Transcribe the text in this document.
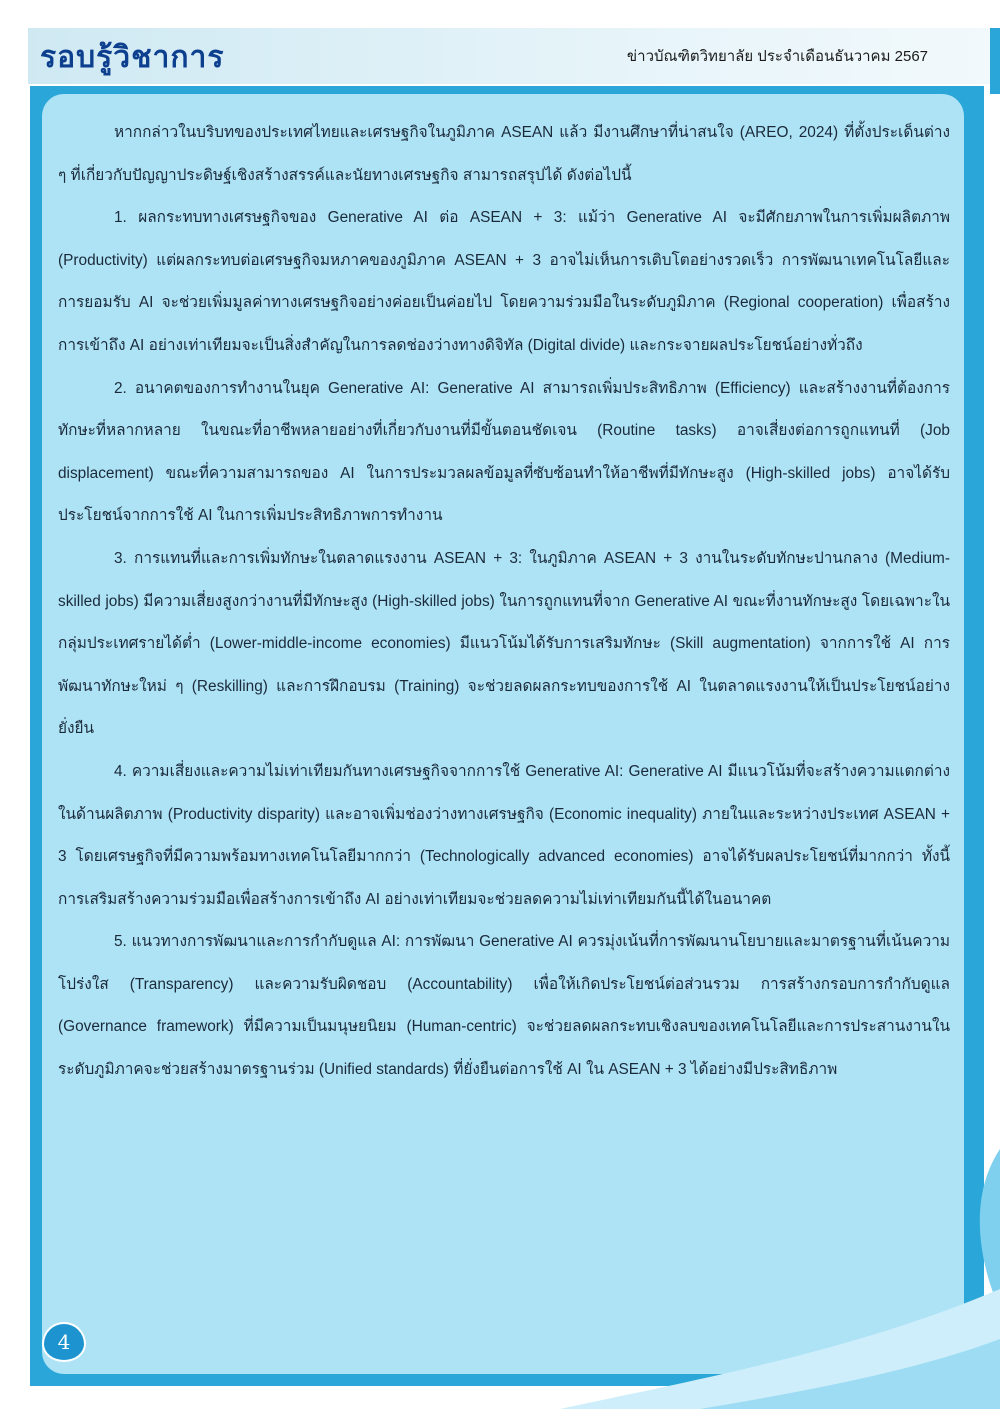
รอบรู้วิชาการ	ข่าวบัณฑิตวิทยาลัย ประจำเดือนธันวาคม 2567

หากกล่าวในบริบทของประเทศไทยและเศรษฐกิจในภูมิภาค ASEAN แล้ว มีงานศึกษาที่น่าสนใจ (AREO, 2024) ที่ตั้งประเด็นต่าง ๆ ที่เกี่ยวกับปัญญาประดิษฐ์เชิงสร้างสรรค์และนัยทางเศรษฐกิจ สามารถสรุปได้ ดังต่อไปนี้

1. ผลกระทบทางเศรษฐกิจของ Generative AI ต่อ ASEAN + 3: แม้ว่า Generative AI จะมีศักยภาพในการเพิ่มผลิตภาพ (Productivity) แต่ผลกระทบต่อเศรษฐกิจมหภาคของภูมิภาค ASEAN + 3 อาจไม่เห็นการเติบโตอย่างรวดเร็ว การพัฒนาเทคโนโลยีและการยอมรับ AI จะช่วยเพิ่มมูลค่าทางเศรษฐกิจอย่างค่อยเป็นค่อยไป โดยความร่วมมือในระดับภูมิภาค (Regional cooperation) เพื่อสร้างการเข้าถึง AI อย่างเท่าเทียมจะเป็นสิ่งสำคัญในการลดช่องว่างทางดิจิทัล (Digital divide) และกระจายผลประโยชน์อย่างทั่วถึง

2. อนาคตของการทำงานในยุค Generative AI: Generative AI สามารถเพิ่มประสิทธิภาพ (Efficiency) และสร้างงานที่ต้องการทักษะที่หลากหลาย ในขณะที่อาชีพหลายอย่างที่เกี่ยวกับงานที่มีขั้นตอนชัดเจน (Routine tasks) อาจเสี่ยงต่อการถูกแทนที่ (Job displacement) ขณะที่ความสามารถของ AI ในการประมวลผลข้อมูลที่ซับซ้อนทำให้อาชีพที่มีทักษะสูง (High-skilled jobs) อาจได้รับประโยชน์จากการใช้ AI ในการเพิ่มประสิทธิภาพการทำงาน

3. การแทนที่และการเพิ่มทักษะในตลาดแรงงาน ASEAN + 3: ในภูมิภาค ASEAN + 3 งานในระดับทักษะปานกลาง (Medium-skilled jobs) มีความเสี่ยงสูงกว่างานที่มีทักษะสูง (High-skilled jobs) ในการถูกแทนที่จาก Generative AI ขณะที่งานทักษะสูง โดยเฉพาะในกลุ่มประเทศรายได้ต่ำ (Lower-middle-income economies) มีแนวโน้มได้รับการเสริมทักษะ (Skill augmentation) จากการใช้ AI การพัฒนาทักษะใหม่ ๆ (Reskilling) และการฝึกอบรม (Training) จะช่วยลดผลกระทบของการใช้ AI ในตลาดแรงงานให้เป็นประโยชน์อย่างยั่งยืน

4. ความเสี่ยงและความไม่เท่าเทียมกันทางเศรษฐกิจจากการใช้ Generative AI: Generative AI มีแนวโน้มที่จะสร้างความแตกต่างในด้านผลิตภาพ (Productivity disparity) และอาจเพิ่มช่องว่างทางเศรษฐกิจ (Economic inequality) ภายในและระหว่างประเทศ ASEAN + 3 โดยเศรษฐกิจที่มีความพร้อมทางเทคโนโลยีมากกว่า (Technologically advanced economies) อาจได้รับผลประโยชน์ที่มากกว่า ทั้งนี้ การเสริมสร้างความร่วมมือเพื่อสร้างการเข้าถึง AI อย่างเท่าเทียมจะช่วยลดความไม่เท่าเทียมกันนี้ได้ในอนาคต

5. แนวทางการพัฒนาและการกำกับดูแล AI: การพัฒนา Generative AI ควรมุ่งเน้นที่การพัฒนานโยบายและมาตรฐานที่เน้นความโปร่งใส (Transparency) และความรับผิดชอบ (Accountability) เพื่อให้เกิดประโยชน์ต่อส่วนรวม การสร้างกรอบการกำกับดูแล (Governance framework) ที่มีความเป็นมนุษยนิยม (Human-centric) จะช่วยลดผลกระทบเชิงลบของเทคโนโลยีและการประสานงานในระดับภูมิภาคจะช่วยสร้างมาตรฐานร่วม (Unified standards) ที่ยั่งยืนต่อการใช้ AI ใน ASEAN + 3 ได้อย่างมีประสิทธิภาพ

4
